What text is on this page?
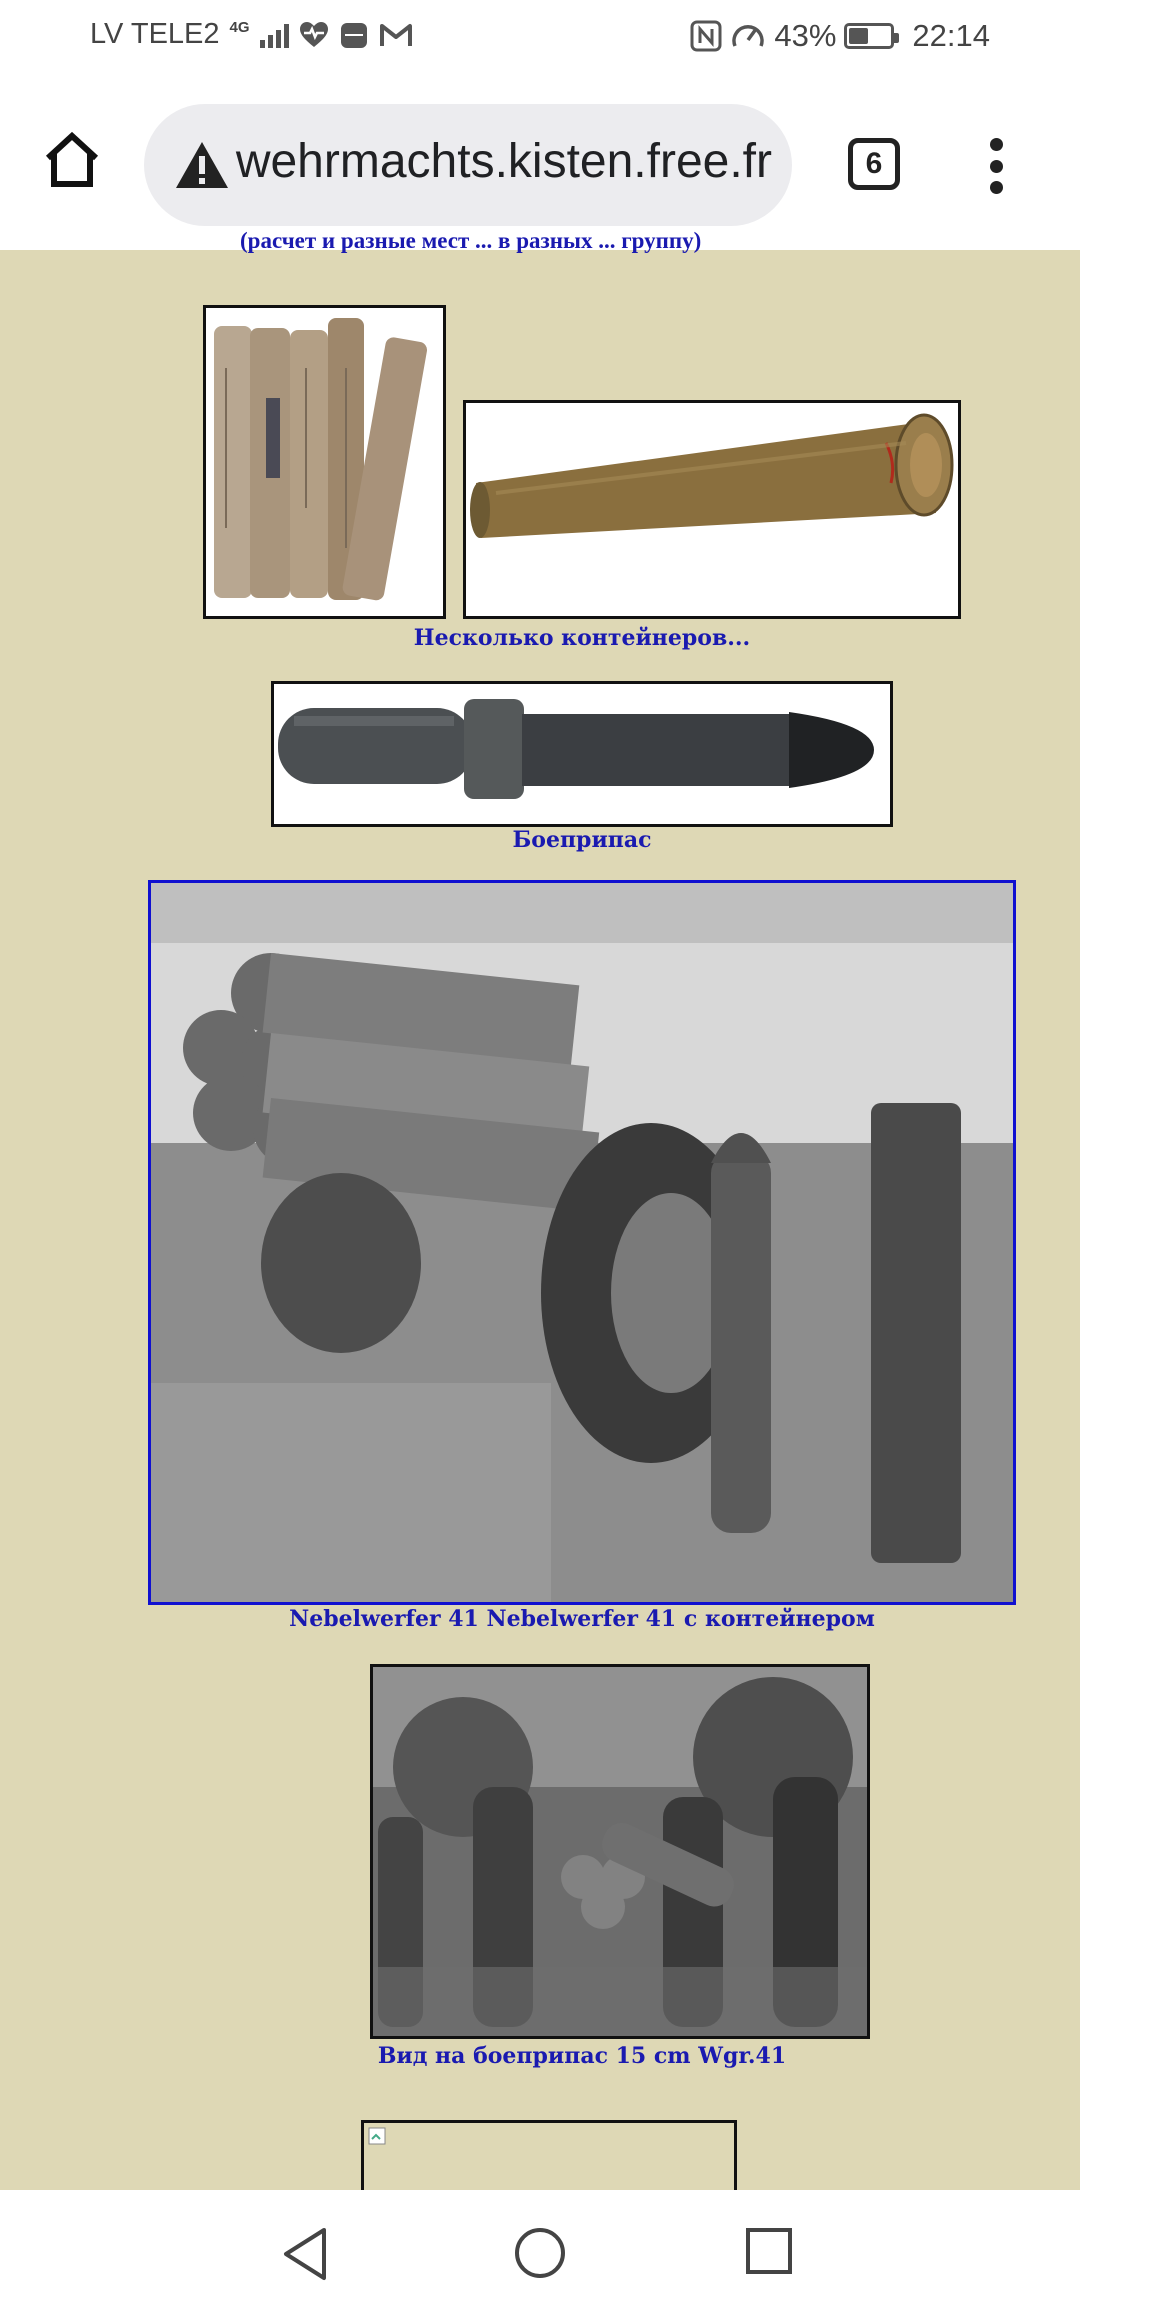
LV TELE2 4G	43% 22:14
wehrmachts.kisten.free.fr	6
(расчет и разные мест ... в разных ... группу)
Несколько контейнеров...
Боеприпас
Nebelwerfer 41 Nebelwerfer 41 с контейнером
Вид на боеприпас 15 cm Wgr.41
